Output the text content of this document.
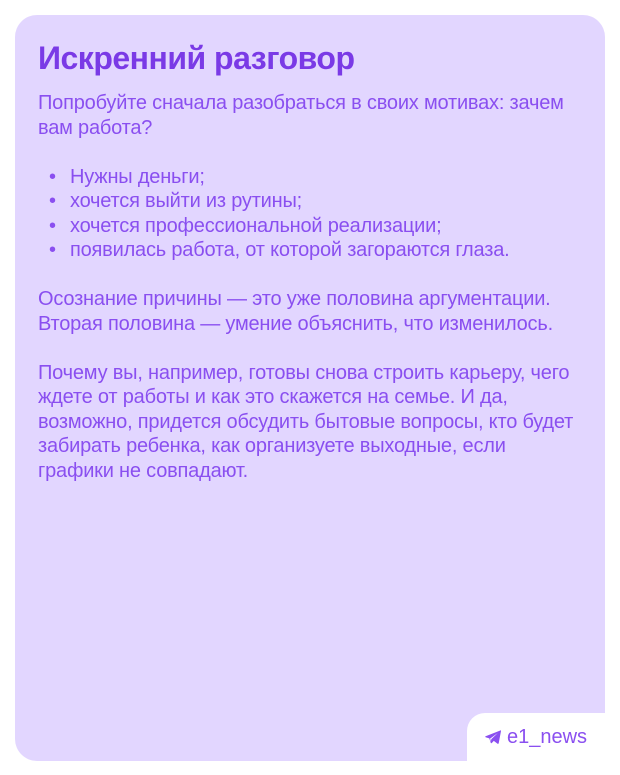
Искренний разговор

Попробуйте сначала разобраться в своих мотивах: зачем вам работа?

• Нужны деньги;
• хочется выйти из рутины;
• хочется профессиональной реализации;
• появилась работа, от которой загораются глаза.

Осознание причины — это уже половина аргументации. Вторая половина — умение объяснить, что изменилось.

Почему вы, например, готовы снова строить карьеру, чего ждете от работы и как это скажется на семье. И да, возможно, придется обсудить бытовые вопросы, кто будет забирать ребенка, как организуете выходные, если графики не совпадают.

e1_news
